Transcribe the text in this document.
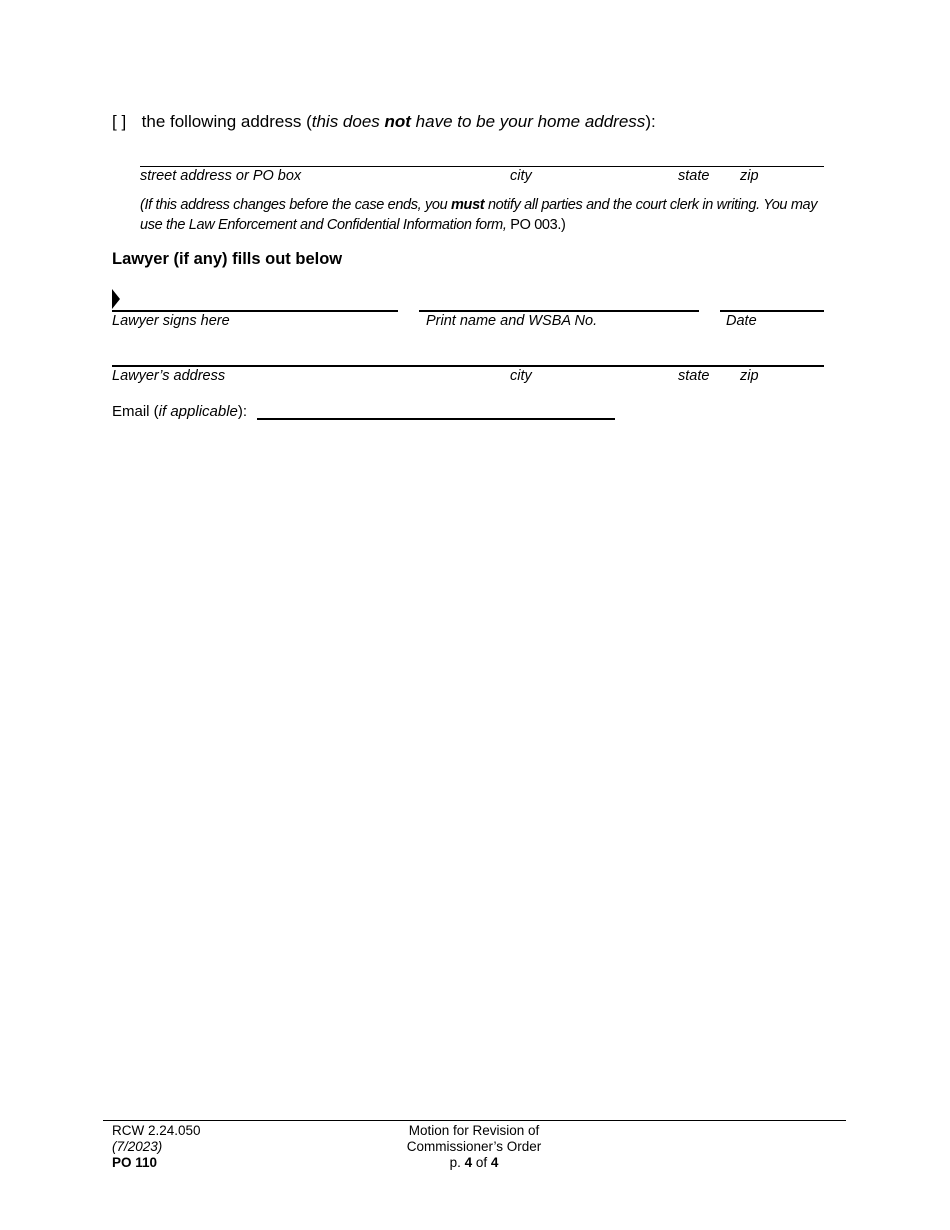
[ ] the following address (this does not have to be your home address):
street address or PO box	city	state zip
(If this address changes before the case ends, you must notify all parties and the court clerk in writing. You may
use the Law Enforcement and Confidential Information form, PO 003.)
Lawyer (if any) fills out below
Lawyer signs here	Print name and WSBA No.	Date
Lawyer’s address	city	state zip
Email (if applicable):
RCW 2.24.050
(7/2023)
PO 110
Motion for Revision of
Commissioner’s Order
p. 4 of 4
